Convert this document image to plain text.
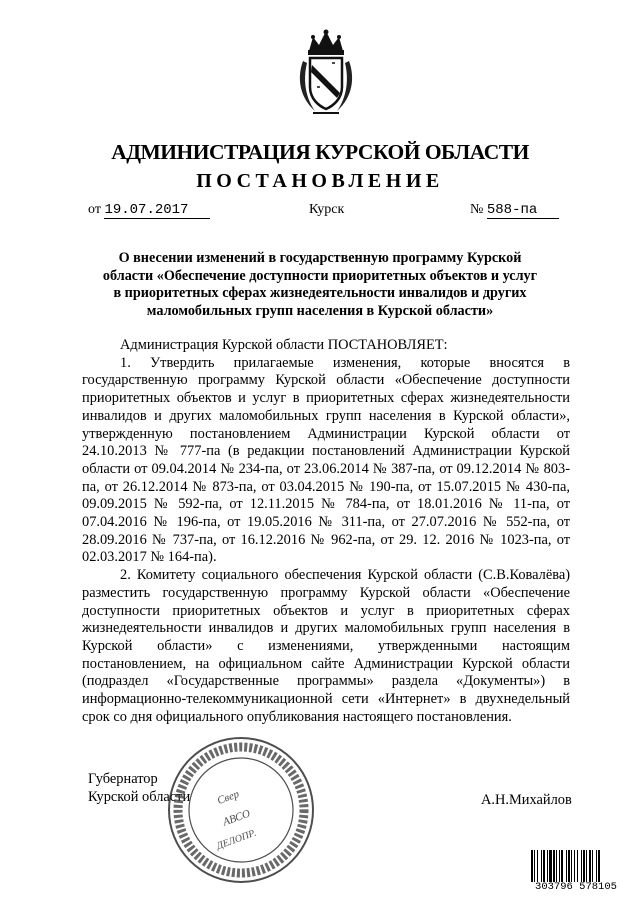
АДМИНИСТРАЦИЯ КУРСКОЙ ОБЛАСТИ
ПОСТАНОВЛЕНИЕ
от 19.07.2017	Курск	№ 588-па
О внесении изменений в государственную программу Курской области «Обеспечение доступности приоритетных объектов и услуг в приоритетных сферах жизнедеятельности инвалидов и других маломобильных групп населения в Курской области»

Администрация Курской области ПОСТАНОВЛЯЕТ:

1. Утвердить прилагаемые изменения, которые вносятся в государственную программу Курской области «Обеспечение доступности приоритетных объектов и услуг в приоритетных сферах жизнедеятельности инвалидов и других маломобильных групп населения в Курской области», утвержденную постановлением Администрации Курской области от 24.10.2013 № 777-па (в редакции постановлений Администрации Курской области от 09.04.2014 № 234-па, от 23.06.2014 № 387-па, от 09.12.2014 № 803-па, от 26.12.2014 № 873-па, от 03.04.2015 № 190-па, от 15.07.2015 № 430-па, 09.09.2015 № 592-па, от 12.11.2015 № 784-па, от 18.01.2016 № 11-па, от 07.04.2016 № 196-па, от 19.05.2016 № 311-па, от 27.07.2016 № 552-па, от 28.09.2016 № 737-па, от 16.12.2016 № 962-па, от 29. 12. 2016 № 1023-па, от 02.03.2017 № 164-па).

2. Комитету социального обеспечения Курской области (С.В.Ковалёва) разместить государственную программу Курской области «Обеспечение доступности приоритетных объектов и услуг в приоритетных сферах жизнедеятельности инвалидов и других маломобильных групп населения в Курской области» с изменениями, утвержденными настоящим постановлением, на официальном сайте Администрации Курской области (подраздел «Государственные программы» раздела «Документы») в информационно-телекоммуникационной сети «Интернет» в двухнедельный срок со дня официального опубликования настоящего постановления.

Губернатор
Курской области	А.Н.Михайлов
Свер
АВСО
ДЕЛОПР.
303796 578105
